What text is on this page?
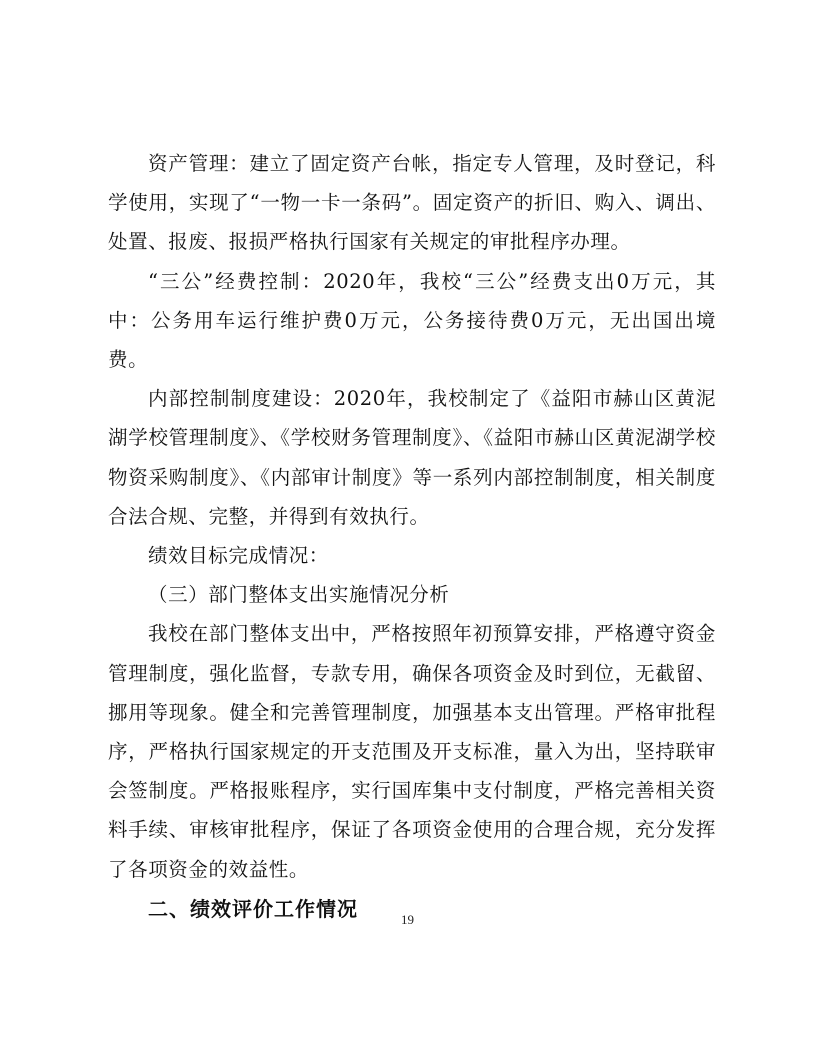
资产管理：建立了固定资产台帐，指定专人管理，及时登记，科学使用，实现了“一物一卡一条码”。固定资产的折旧、购入、调出、处置、报废、报损严格执行国家有关规定的审批程序办理。

“三公”经费控制：2020年，我校“三公”经费支出0万元，其中：公务用车运行维护费0万元，公务接待费0万元，无出国出境费。

内部控制制度建设：2020年，我校制定了《益阳市赫山区黄泥湖学校管理制度》、《学校财务管理制度》、《益阳市赫山区黄泥湖学校物资采购制度》、《内部审计制度》等一系列内部控制制度，相关制度合法合规、完整，并得到有效执行。

绩效目标完成情况：

（三）部门整体支出实施情况分析

我校在部门整体支出中，严格按照年初预算安排，严格遵守资金管理制度，强化监督，专款专用，确保各项资金及时到位，无截留、挪用等现象。健全和完善管理制度，加强基本支出管理。严格审批程序，严格执行国家规定的开支范围及开支标准，量入为出，坚持联审会签制度。严格报账程序，实行国库集中支付制度，严格完善相关资料手续、审核审批程序，保证了各项资金使用的合理合规，充分发挥了各项资金的效益性。

二、绩效评价工作情况	19
